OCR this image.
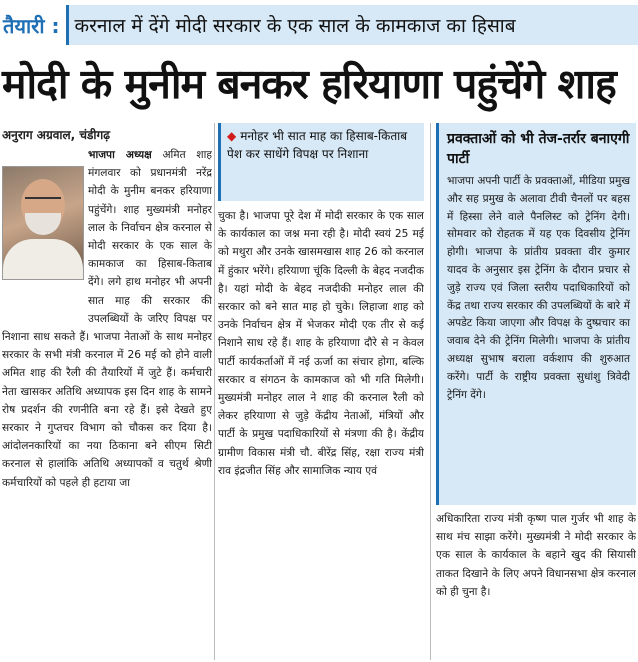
तैयारी : करनाल में देंगे मोदी सरकार के एक साल के कामकाज का हिसाब
मोदी के मुनीम बनकर हरियाणा पहुंचेंगे शाह
अनुराग अग्रवाल, चंडीगढ़

भाजपा अध्यक्ष अमित शाह मंगलवार को प्रधानमंत्री नरेंद्र मोदी के मुनीम बनकर हरियाणा पहुंचेंगे। शाह मुख्यमंत्री मनोहर लाल के निर्वाचन क्षेत्र करनाल से मोदी सरकार के एक साल के कामकाज का हिसाब-किताब देंगे। लगे हाथ मनोहर भी अपनी सात माह की सरकार की उपलब्धियों के जरिए विपक्ष पर निशाना साध सकते हैं। भाजपा नेताओं के साथ मनोहर सरकार के सभी मंत्री करनाल में 26 मई को होने वाली अमित शाह की रैली की तैयारियों में जुटे हैं। कर्मचारी नेता खासकर अतिथि अध्यापक इस दिन शाह के सामने रोष प्रदर्शन की रणनीति बना रहे हैं। इसे देखते हुए सरकार ने गुप्तचर विभाग को चौकस कर दिया है। आंदोलनकारियों का नया ठिकाना बने सीएम सिटी करनाल से हालांकि अतिथि अध्यापकों व चतुर्थ श्रेणी कर्मचारियों को पहले ही हटाया जा

◆ मनोहर भी सात माह का हिसाब-किताब पेश कर साधेंगे विपक्ष पर निशाना

चुका है। भाजपा पूरे देश में मोदी सरकार के एक साल के कार्यकाल का जश्न मना रही है। मोदी स्वयं 25 मई को मथुरा और उनके खासमखास शाह 26 को करनाल में हुंकार भरेंगे। हरियाणा चूंकि दिल्ली के बेहद नजदीक है। यहां मोदी के बेहद नजदीकी मनोहर लाल की सरकार को बने सात माह हो चुके। लिहाजा शाह को उनके निर्वाचन क्षेत्र में भेजकर मोदी एक तीर से कई निशाने साध रहे हैं। शाह के हरियाणा दौरे से न केवल पार्टी कार्यकर्ताओं में नई ऊर्जा का संचार होगा, बल्कि सरकार व संगठन के कामकाज को भी गति मिलेगी। मुख्यमंत्री मनोहर लाल ने शाह की करनाल रैली को लेकर हरियाणा से जुड़े केंद्रीय नेताओं, मंत्रियों और पार्टी के प्रमुख पदाधिकारियों से मंत्रणा की है। केंद्रीय ग्रामीण विकास मंत्री चौ. बीरेंद्र सिंह, रक्षा राज्य मंत्री राव इंद्रजीत सिंह और सामाजिक न्याय एवं

प्रवक्ताओं को भी तेज-तर्रार बनाएगी पार्टी

भाजपा अपनी पार्टी के प्रवक्ताओं, मीडिया प्रमुख और सह प्रमुख के अलावा टीवी चैनलों पर बहस में हिस्सा लेने वाले पैनलिस्ट को ट्रेनिंग देगी। सोमवार को रोहतक में यह एक दिवसीय ट्रेनिंग होगी। भाजपा के प्रांतीय प्रवक्ता वीर कुमार यादव के अनुसार इस ट्रेनिंग के दौरान प्रचार से जुड़े राज्य एवं जिला स्तरीय पदाधिकारियों को केंद्र तथा राज्य सरकार की उपलब्धियों के बारे में अपडेट किया जाएगा और विपक्ष के दुष्प्रचार का जवाब देने की ट्रेनिंग मिलेगी। भाजपा के प्रांतीय अध्यक्ष सुभाष बराला वर्कशाप की शुरुआत करेंगे। पार्टी के राष्ट्रीय प्रवक्ता सुधांशु त्रिवेदी ट्रेनिंग देंगे।

अधिकारिता राज्य मंत्री कृष्ण पाल गुर्जर भी शाह के साथ मंच साझा करेंगे। मुख्यमंत्री ने मोदी सरकार के एक साल के कार्यकाल के बहाने खुद की सियासी ताकत दिखाने के लिए अपने विधानसभा क्षेत्र करनाल को ही चुना है।
